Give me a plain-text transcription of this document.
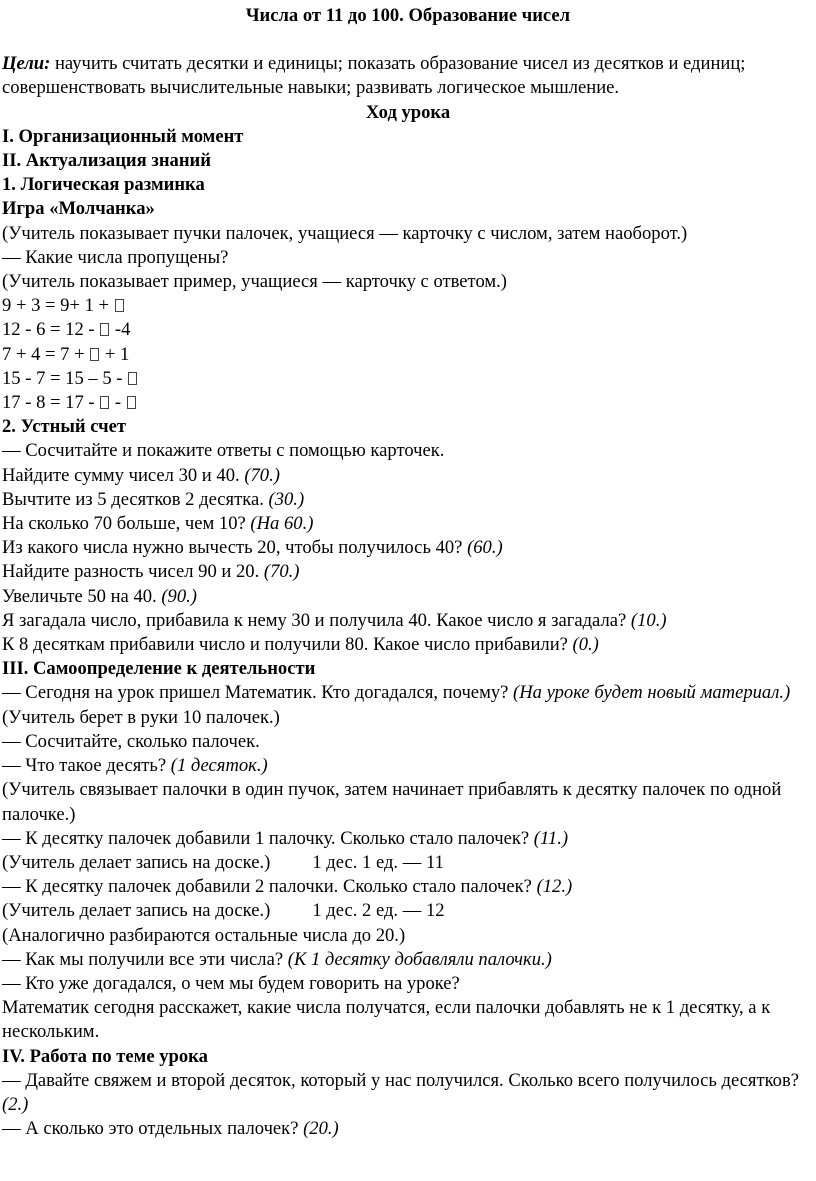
Числа от 11 до 100. Образование чисел

Цели: научить считать десятки и единицы; показать образование чисел из десятков и единиц; совершенствовать вычислительные навыки; развивать логическое мышление.

Ход урока

I. Организационный момент

II. Актуализация знаний

1. Логическая разминка

Игра «Молчанка»

(Учитель показывает пучки палочек, учащиеся — карточку с числом, затем наоборот.)

— Какие числа пропущены?

(Учитель показывает пример, учащиеся — карточку с ответом.)

9 + 3 = 9+ 1 +

12 - 6 = 12 -  -4

7 + 4 = 7 +  + 1

15 - 7 = 15 – 5 -

17 - 8 = 17 -  -

2. Устный счет

— Сосчитайте и покажите ответы с помощью карточек.

Найдите сумму чисел 30 и 40. (70.)

Вычтите из 5 десятков 2 десятка. (30.)

На сколько 70 больше, чем 10? (На 60.)

Из какого числа нужно вычесть 20, чтобы получилось 40? (60.)

Найдите разность чисел 90 и 20. (70.)

Увеличьте 50 на 40. (90.)

Я загадала число, прибавила к нему 30 и получила 40. Какое число я загадала? (10.)

К 8 десяткам прибавили число и получили 80. Какое число прибавили? (0.)

III. Самоопределение к деятельности

— Сегодня на урок пришел Математик. Кто догадался, почему? (На уроке будет новый материал.)

(Учитель берет в руки 10 палочек.)

— Сосчитайте, сколько палочек.

— Что такое десять? (1 десяток.)

(Учитель связывает палочки в один пучок, затем начинает прибавлять к десятку палочек по одной палочке.)

— К десятку палочек добавили 1 палочку. Сколько стало палочек? (11.)

(Учитель делает запись на доске.) 1 дес. 1 ед. — 11

— К десятку палочек добавили 2 палочки. Сколько стало палочек? (12.)

(Учитель делает запись на доске.) 1 дес. 2 ед. — 12

(Аналогично разбираются остальные числа до 20.)

— Как мы получили все эти числа? (К 1 десятку добавляли палочки.)

— Кто уже догадался, о чем мы будем говорить на уроке?

Математик сегодня расскажет, какие числа получатся, если палочки добавлять не к 1 десятку, а к нескольким.

IV. Работа по теме урока

— Давайте свяжем и второй десяток, который у нас получился. Сколько всего получилось десятков? (2.)

— А сколько это отдельных палочек? (20.)
